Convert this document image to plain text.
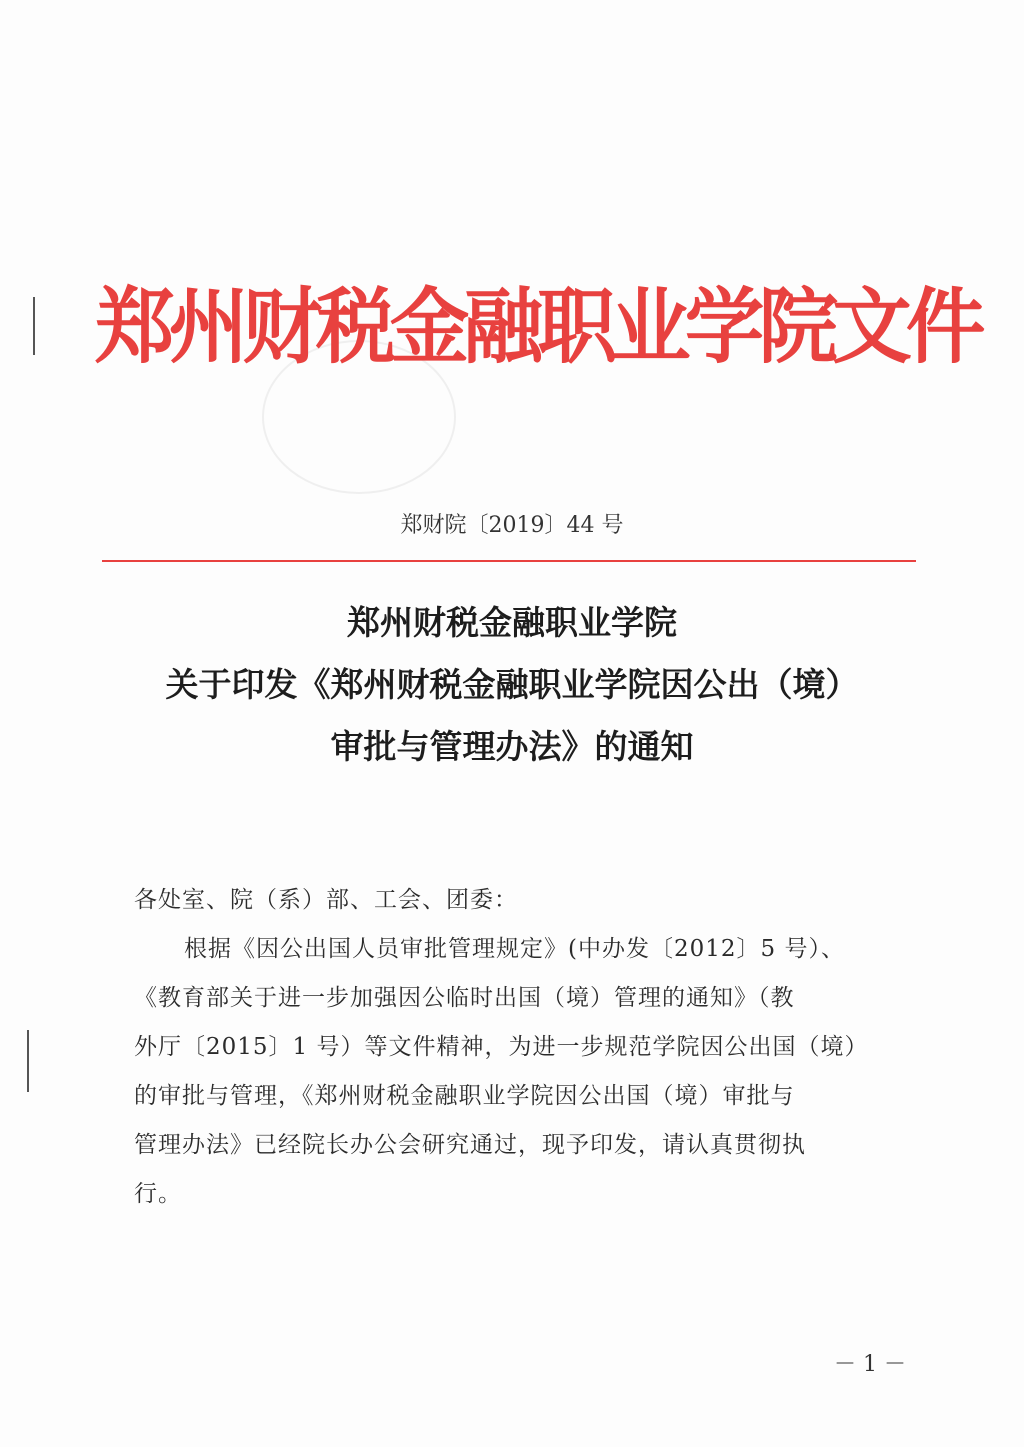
郑州财税金融职业学院文件
郑财院〔2019〕44 号
郑州财税金融职业学院
关于印发《郑州财税金融职业学院因公出（境）
审批与管理办法》的通知
各处室、院（系）部、工会、团委：
根据《因公出国人员审批管理规定》(中办发〔2012〕5 号）、
《教育部关于进一步加强因公临时出国（境）管理的通知》（教
外厅〔2015〕1 号）等文件精神，为进一步规范学院因公出国（境）
的审批与管理，《郑州财税金融职业学院因公出国（境）审批与
管理办法》已经院长办公会研究通过，现予印发，请认真贯彻执
行。
－ 1 －
